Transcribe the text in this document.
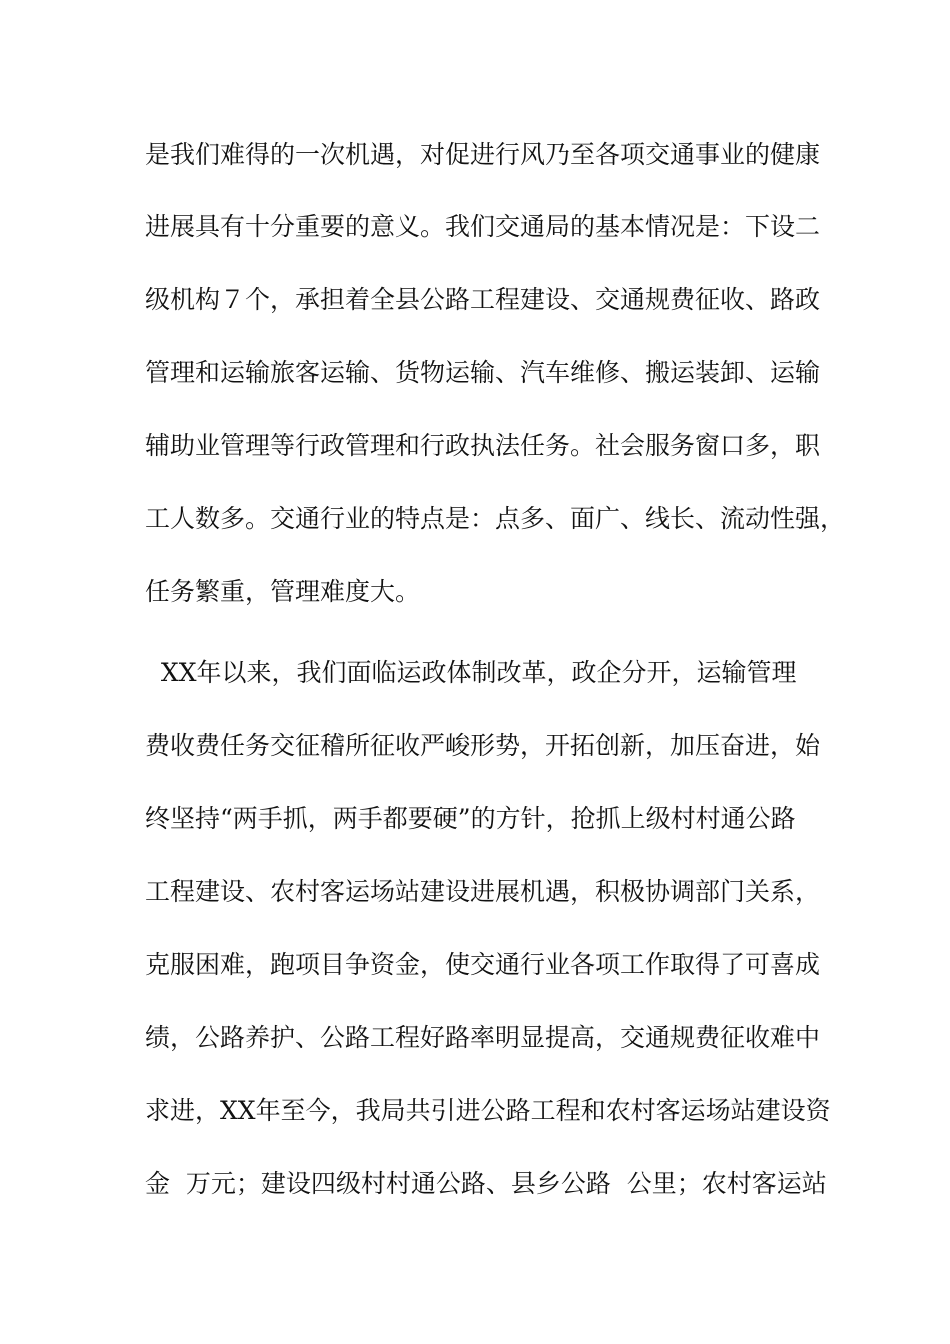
是我们难得的一次机遇，对促进行风乃至各项交通事业的健康

进展具有十分重要的意义。我们交通局的基本情况是：下设二

级机构７个，承担着全县公路工程建设、交通规费征收、路政

管理和运输旅客运输、货物运输、汽车维修、搬运装卸、运输

辅助业管理等行政管理和行政执法任务。社会服务窗口多，职

工人数多。交通行业的特点是：点多、面广、线长、流动性强，

任务繁重，管理难度大。

XX年以来，我们面临运政体制改革，政企分开，运输管理

费收费任务交征稽所征收严峻形势，开拓创新，加压奋进，始

终坚持“两手抓，两手都要硬”的方针，抢抓上级村村通公路

工程建设、农村客运场站建设进展机遇，积极协调部门关系，

克服困难，跑项目争资金，使交通行业各项工作取得了可喜成

绩，公路养护、公路工程好路率明显提高，交通规费征收难中

求进，XX年至今，我局共引进公路工程和农村客运场站建设资

金  万元；建设四级村村通公路、县乡公路  公里；农村客运站
